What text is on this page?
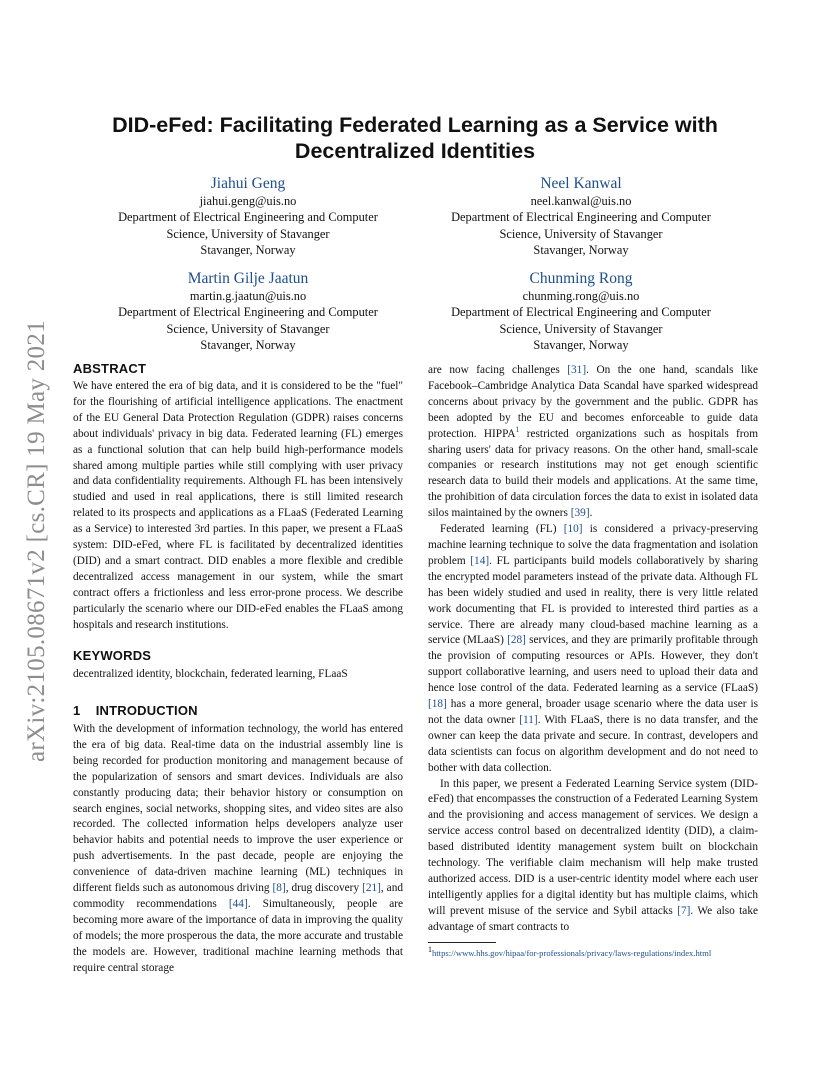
arXiv:2105.08671v2 [cs.CR] 19 May 2021
DID-eFed: Facilitating Federated Learning as a Service with
Decentralized Identities
Jiahui Geng
jiahui.geng@uis.no
Department of Electrical Engineering and Computer
Science, University of Stavanger
Stavanger, Norway
Neel Kanwal
neel.kanwal@uis.no
Department of Electrical Engineering and Computer
Science, University of Stavanger
Stavanger, Norway
Martin Gilje Jaatun
martin.g.jaatun@uis.no
Department of Electrical Engineering and Computer
Science, University of Stavanger
Stavanger, Norway
Chunming Rong
chunming.rong@uis.no
Department of Electrical Engineering and Computer
Science, University of Stavanger
Stavanger, Norway
ABSTRACT

We have entered the era of big data, and it is considered to be the "fuel" for the flourishing of artificial intelligence applications. The enactment of the EU General Data Protection Regulation (GDPR) raises concerns about individuals' privacy in big data. Federated learning (FL) emerges as a functional solution that can help build high-performance models shared among multiple parties while still complying with user privacy and data confidentiality requirements. Although FL has been intensively studied and used in real applications, there is still limited research related to its prospects and applications as a FLaaS (Federated Learning as a Service) to interested 3rd parties. In this paper, we present a FLaaS system: DID-eFed, where FL is facilitated by decentralized identities (DID) and a smart contract. DID enables a more flexible and credible decentralized access management in our system, while the smart contract offers a frictionless and less error-prone process. We describe particularly the scenario where our DID-eFed enables the FLaaS among hospitals and research institutions.

KEYWORDS

decentralized identity, blockchain, federated learning, FLaaS

1 INTRODUCTION

With the development of information technology, the world has entered the era of big data. Real-time data on the industrial assembly line is being recorded for production monitoring and management because of the popularization of sensors and smart devices. Individuals are also constantly producing data; their behavior history or consumption on search engines, social networks, shopping sites, and video sites are also recorded. The collected information helps developers analyze user behavior habits and potential needs to improve the user experience or push advertisements. In the past decade, people are enjoying the convenience of data-driven machine learning (ML) techniques in different fields such as autonomous driving [8], drug discovery [21], and commodity recommendations [44]. Simultaneously, people are becoming more aware of the importance of data in improving the quality of models; the more prosperous the data, the more accurate and trustable the models are. However, traditional machine learning methods that require central storage

are now facing challenges [31]. On the one hand, scandals like Facebook–Cambridge Analytica Data Scandal have sparked widespread concerns about privacy by the government and the public. GDPR has been adopted by the EU and becomes enforceable to guide data protection. HIPPA$^1$ restricted organizations such as hospitals from sharing users' data for privacy reasons. On the other hand, small-scale companies or research institutions may not get enough scientific research data to build their models and applications. At the same time, the prohibition of data circulation forces the data to exist in isolated data silos maintained by the owners [39].

Federated learning (FL) [10] is considered a privacy-preserving machine learning technique to solve the data fragmentation and isolation problem [14]. FL participants build models collaboratively by sharing the encrypted model parameters instead of the private data. Although FL has been widely studied and used in reality, there is very little related work documenting that FL is provided to interested third parties as a service. There are already many cloud-based machine learning as a service (MLaaS) [28] services, and they are primarily profitable through the provision of computing resources or APIs. However, they don't support collaborative learning, and users need to upload their data and hence lose control of the data. Federated learning as a service (FLaaS) [18] has a more general, broader usage scenario where the data user is not the data owner [11]. With FLaaS, there is no data transfer, and the owner can keep the data private and secure. In contrast, developers and data scientists can focus on algorithm development and do not need to bother with data collection.

In this paper, we present a Federated Learning Service system (DID-eFed) that encompasses the construction of a Federated Learning System and the provisioning and access management of services. We design a service access control based on decentralized identity (DID), a claim-based distributed identity management system built on blockchain technology. The verifiable claim mechanism will help make trusted authorized access. DID is a user-centric identity model where each user intelligently applies for a digital identity but has multiple claims, which will prevent misuse of the service and Sybil attacks [7]. We also take advantage of smart contracts to

$^1$https://www.hhs.gov/hipaa/for-professionals/privacy/laws-regulations/index.html
